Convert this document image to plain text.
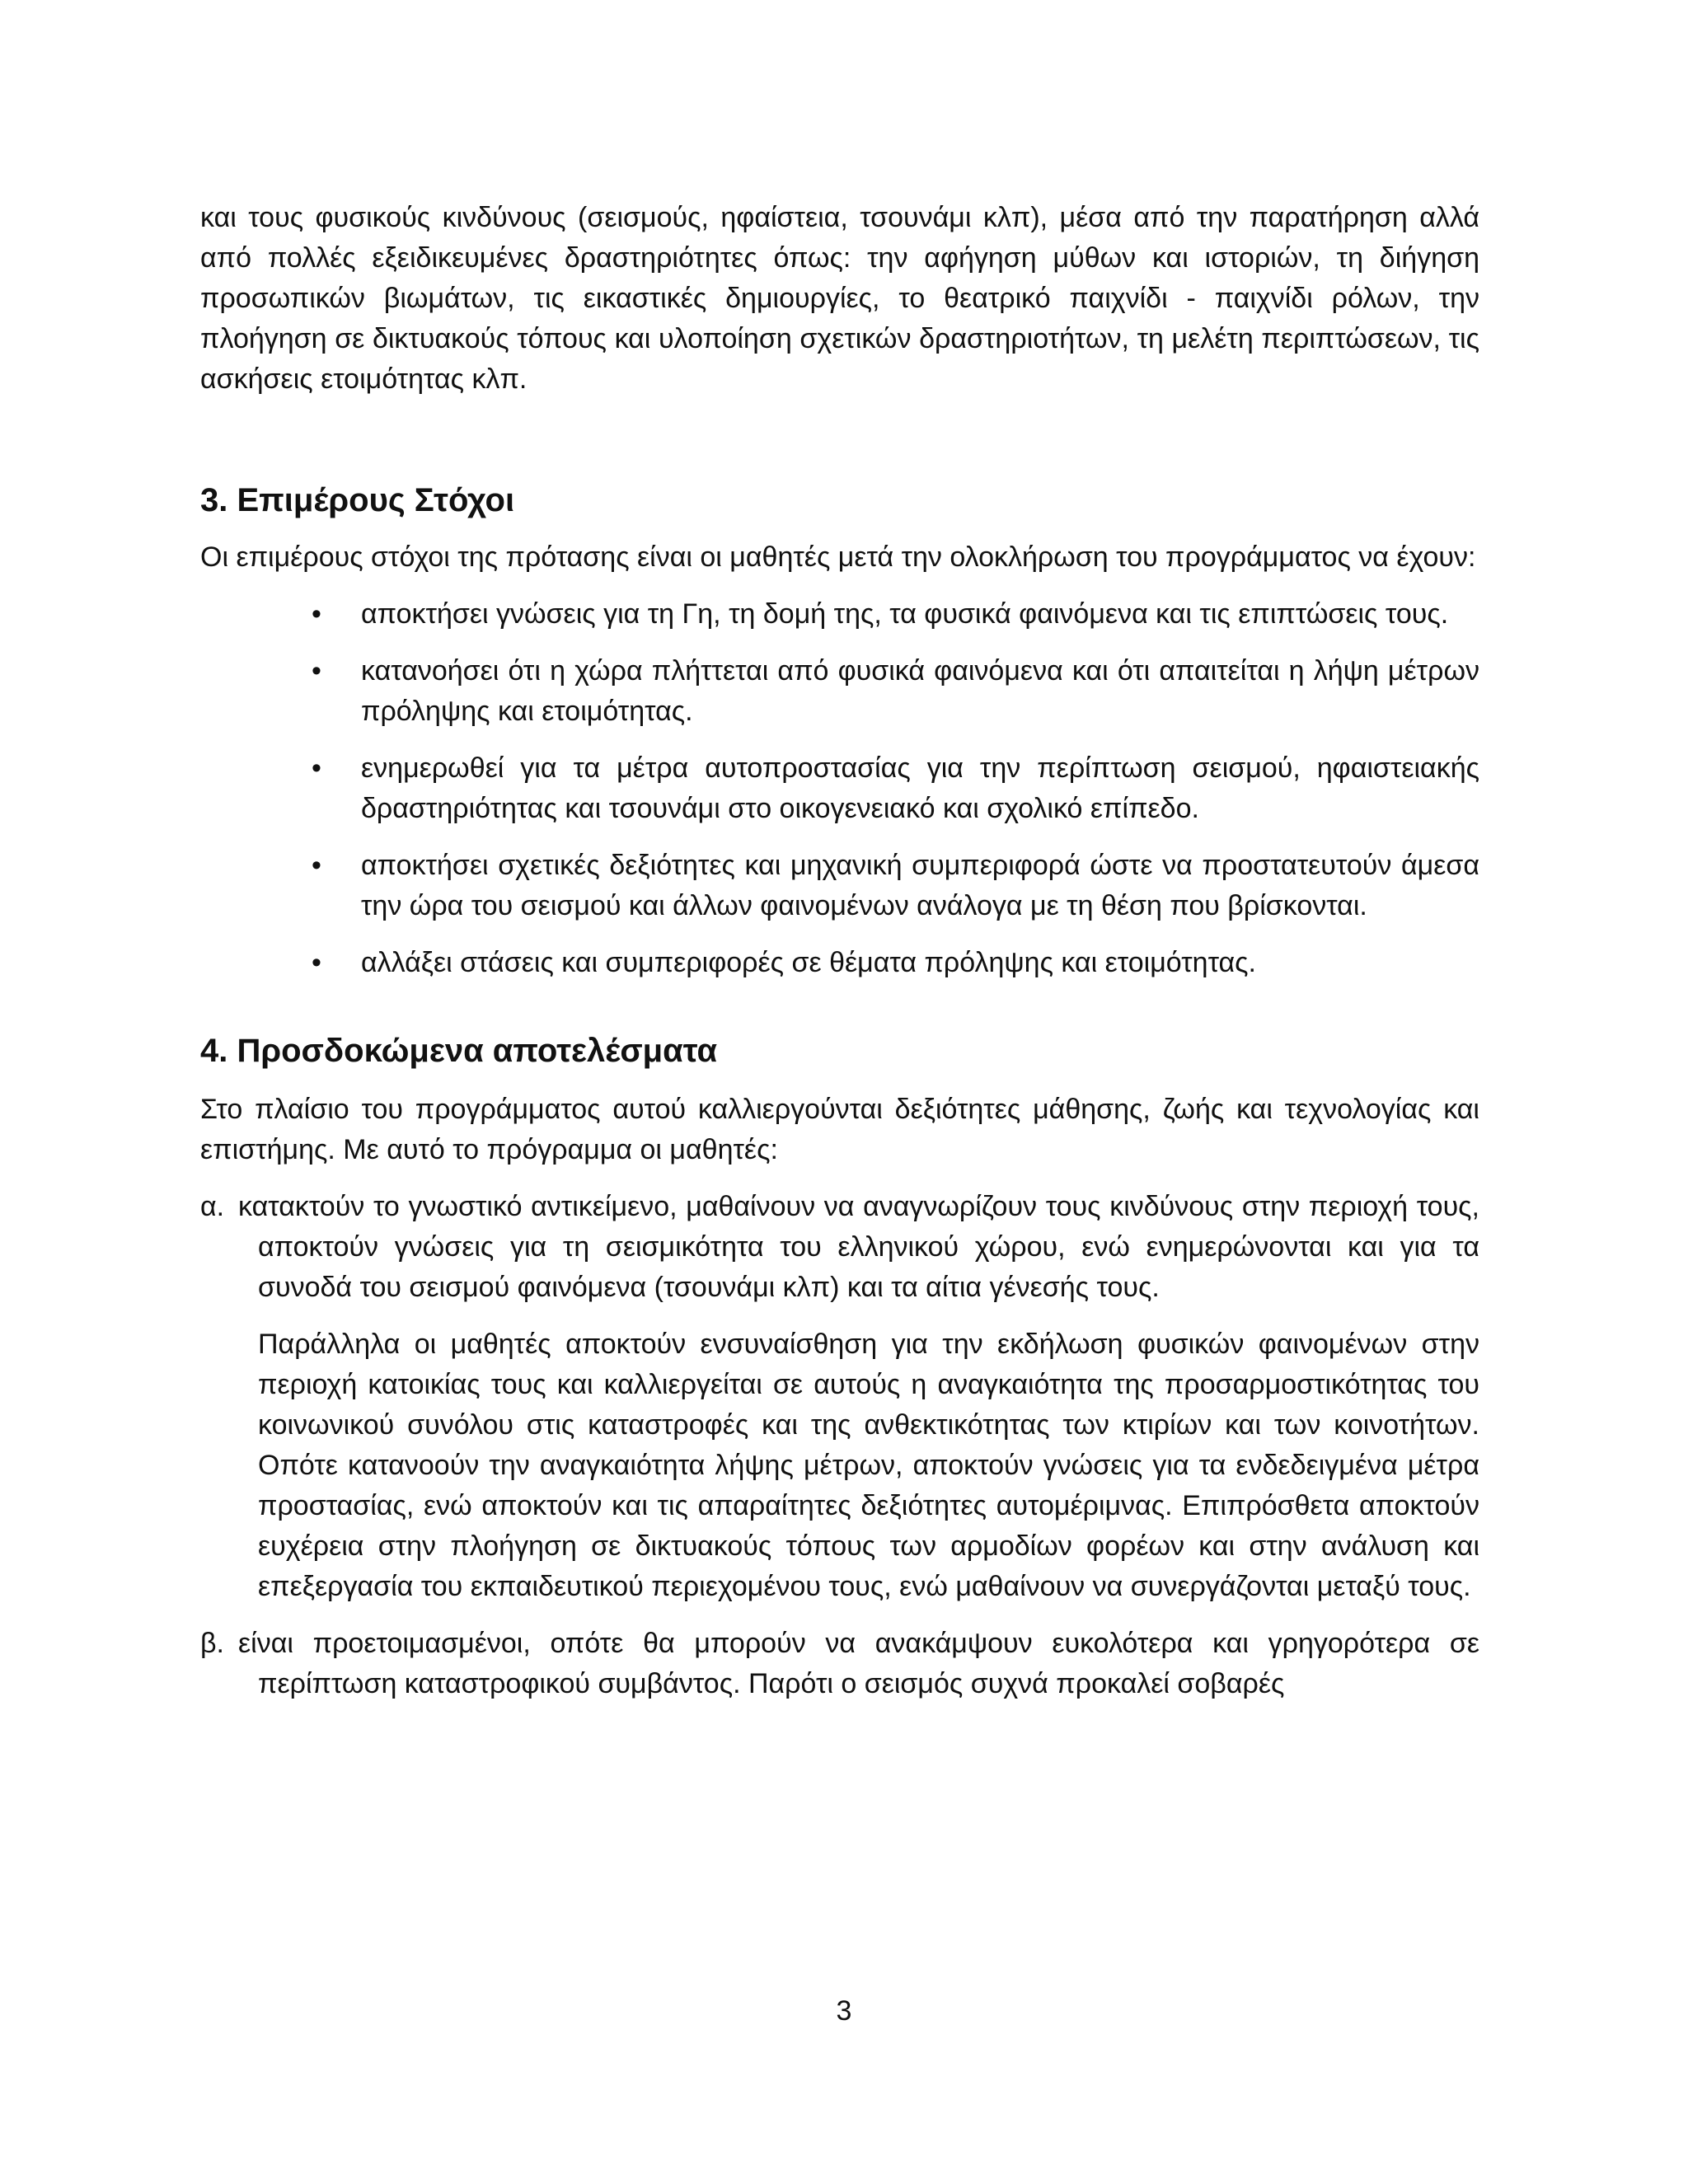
και τους φυσικούς κινδύνους (σεισμούς, ηφαίστεια, τσουνάμι κλπ), μέσα από την παρατήρηση αλλά από πολλές εξειδικευμένες δραστηριότητες όπως: την αφήγηση μύθων και ιστοριών, τη διήγηση προσωπικών βιωμάτων, τις εικαστικές δημιουργίες, το θεατρικό παιχνίδι - παιχνίδι ρόλων, την πλοήγηση σε δικτυακούς τόπους και υλοποίηση σχετικών δραστηριοτήτων, τη μελέτη περιπτώσεων, τις ασκήσεις ετοιμότητας κλπ.

3. Επιμέρους Στόχοι

Οι επιμέρους στόχοι της πρότασης είναι οι μαθητές μετά την ολοκλήρωση του προγράμματος να έχουν:

• αποκτήσει γνώσεις για τη Γη, τη δομή της, τα φυσικά φαινόμενα και τις επιπτώσεις τους.
• κατανοήσει ότι η χώρα πλήττεται από φυσικά φαινόμενα και ότι απαιτείται η λήψη μέτρων πρόληψης και ετοιμότητας.
• ενημερωθεί για τα μέτρα αυτοπροστασίας για την περίπτωση σεισμού, ηφαιστειακής δραστηριότητας και τσουνάμι στο οικογενειακό και σχολικό επίπεδο.
• αποκτήσει σχετικές δεξιότητες και μηχανική συμπεριφορά ώστε να προστατευτούν άμεσα την ώρα του σεισμού και άλλων φαινομένων ανάλογα με τη θέση που βρίσκονται.
• αλλάξει στάσεις και συμπεριφορές σε θέματα πρόληψης και ετοιμότητας.
4. Προσδοκώμενα αποτελέσματα

Στο πλαίσιο του προγράμματος αυτού καλλιεργούνται δεξιότητες μάθησης, ζωής και τεχνολογίας και επιστήμης. Με αυτό το πρόγραμμα οι μαθητές:

α. κατακτούν το γνωστικό αντικείμενο, μαθαίνουν να αναγνωρίζουν τους κινδύνους στην περιοχή τους, αποκτούν γνώσεις για τη σεισμικότητα του ελληνικού χώρου, ενώ ενημερώνονται και για τα συνοδά του σεισμού φαινόμενα (τσουνάμι κλπ) και τα αίτια γένεσής τους.

Παράλληλα οι μαθητές αποκτούν ενσυναίσθηση για την εκδήλωση φυσικών φαινομένων στην περιοχή κατοικίας τους και καλλιεργείται σε αυτούς η αναγκαιότητα της προσαρμοστικότητας του κοινωνικού συνόλου στις καταστροφές και της ανθεκτικότητας των κτιρίων και των κοινοτήτων. Οπότε κατανοούν την αναγκαιότητα λήψης μέτρων, αποκτούν γνώσεις για τα ενδεδειγμένα μέτρα προστασίας, ενώ αποκτούν και τις απαραίτητες δεξιότητες αυτομέριμνας. Επιπρόσθετα αποκτούν ευχέρεια στην πλοήγηση σε δικτυακούς τόπους των αρμοδίων φορέων και στην ανάλυση και επεξεργασία του εκπαιδευτικού περιεχομένου τους, ενώ μαθαίνουν να συνεργάζονται μεταξύ τους.

β. είναι προετοιμασμένοι, οπότε θα μπορούν να ανακάμψουν ευκολότερα και γρηγορότερα σε περίπτωση καταστροφικού συμβάντος. Παρότι ο σεισμός συχνά προκαλεί σοβαρές

3
